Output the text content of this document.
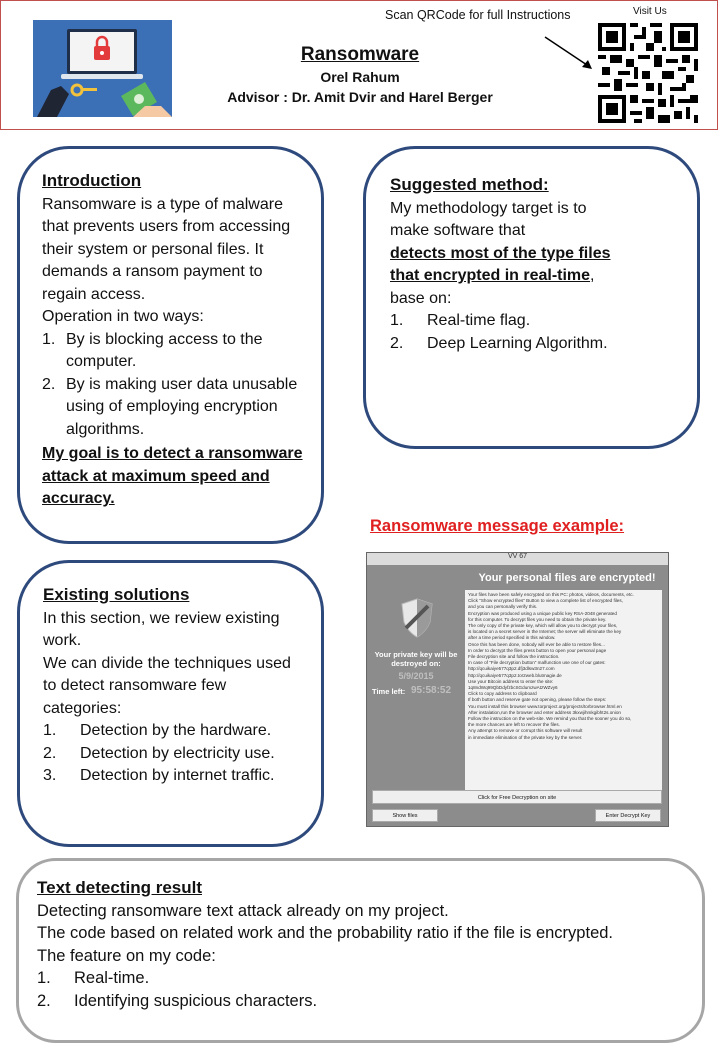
Ransomware
Orel Rahum
Advisor : Dr. Amit Dvir and Harel Berger
Scan QRCode for full Instructions	Visit Us
Introduction
Ransomware is a type of malware that prevents users from accessing their system or personal files. It demands a ransom payment to regain access.
Operation in two ways:
1. By is blocking access to the computer.
2. By is making user data unusable using of employing encryption algorithms.
My goal is to detect a ransomware attack at maximum speed and accuracy.
Suggested method:
My methodology target is to make software that
detects most of the type files that encrypted in real-time,
base on:
1.	Real-time flag.
2.	Deep Learning Algorithm.
Existing solutions
In this section, we review existing work.
We can divide the techniques used to detect ransomware few categories:
1.	Detection by the hardware.
2.	Detection by electricity use.
3.	Detection by internet traffic.
Ransomware message example:
VV 67
Your personal files are encrypted!
Your private key will be destroyed on:
5/9/2015
Time left: 95:58:52
Your files have been safely encrypted on this PC: photos, videos, documents, etc.
Click "Show encrypted files" Button to view a complete list of encrypted files,
and you can personally verify this.
Encryption was produced using a unique public key RSA-2048 generated
for this computer. To decrypt files you need to obtain the private key.
The only copy of the private key, which will allow you to decrypt your files,
is located on a secret server in the Internet; the server will eliminate the key
after a time period specified in this window.
Once this has been done, nobody will ever be able to restore files...
In order to decrypt the files press button to open your personal page
File decryption site and follow the instruction.
In case of "File decryption button" malfunction use one of our gates:
http://qcuikaiye577q3p2.dfj3dlsw3n27.com
http://qcuikaiye577q3p2.tor2web.blutmagie.de
Use your Bitcoin address to enter the site:
1q8ndWq99QbDdyfzbcSGdumzwAtzWZvy6
Click to copy address to clipboard
If both button and reserve gate not opening, please follow the steps:
You must install this browser www.torproject.org/projects/torbrowser.html.en
After instalation,run the browser and enter address 3kxwjihmkgibht2s.onion
Follow the instruction on the web-site. We remind you that the sooner you do so,
the more chances are left to recover the files.
Any attempt to remove or corrupt this software will result
in immediate elimination of the private key by the server.
Click for Free Decryption on site
Show files	Enter Decrypt Key
Text detecting result
Detecting ransomware text attack already on my project.
The code based on related work and the probability ratio if the file is encrypted.
The feature on my code:
1.	Real-time.
2.	Identifying suspicious characters.
